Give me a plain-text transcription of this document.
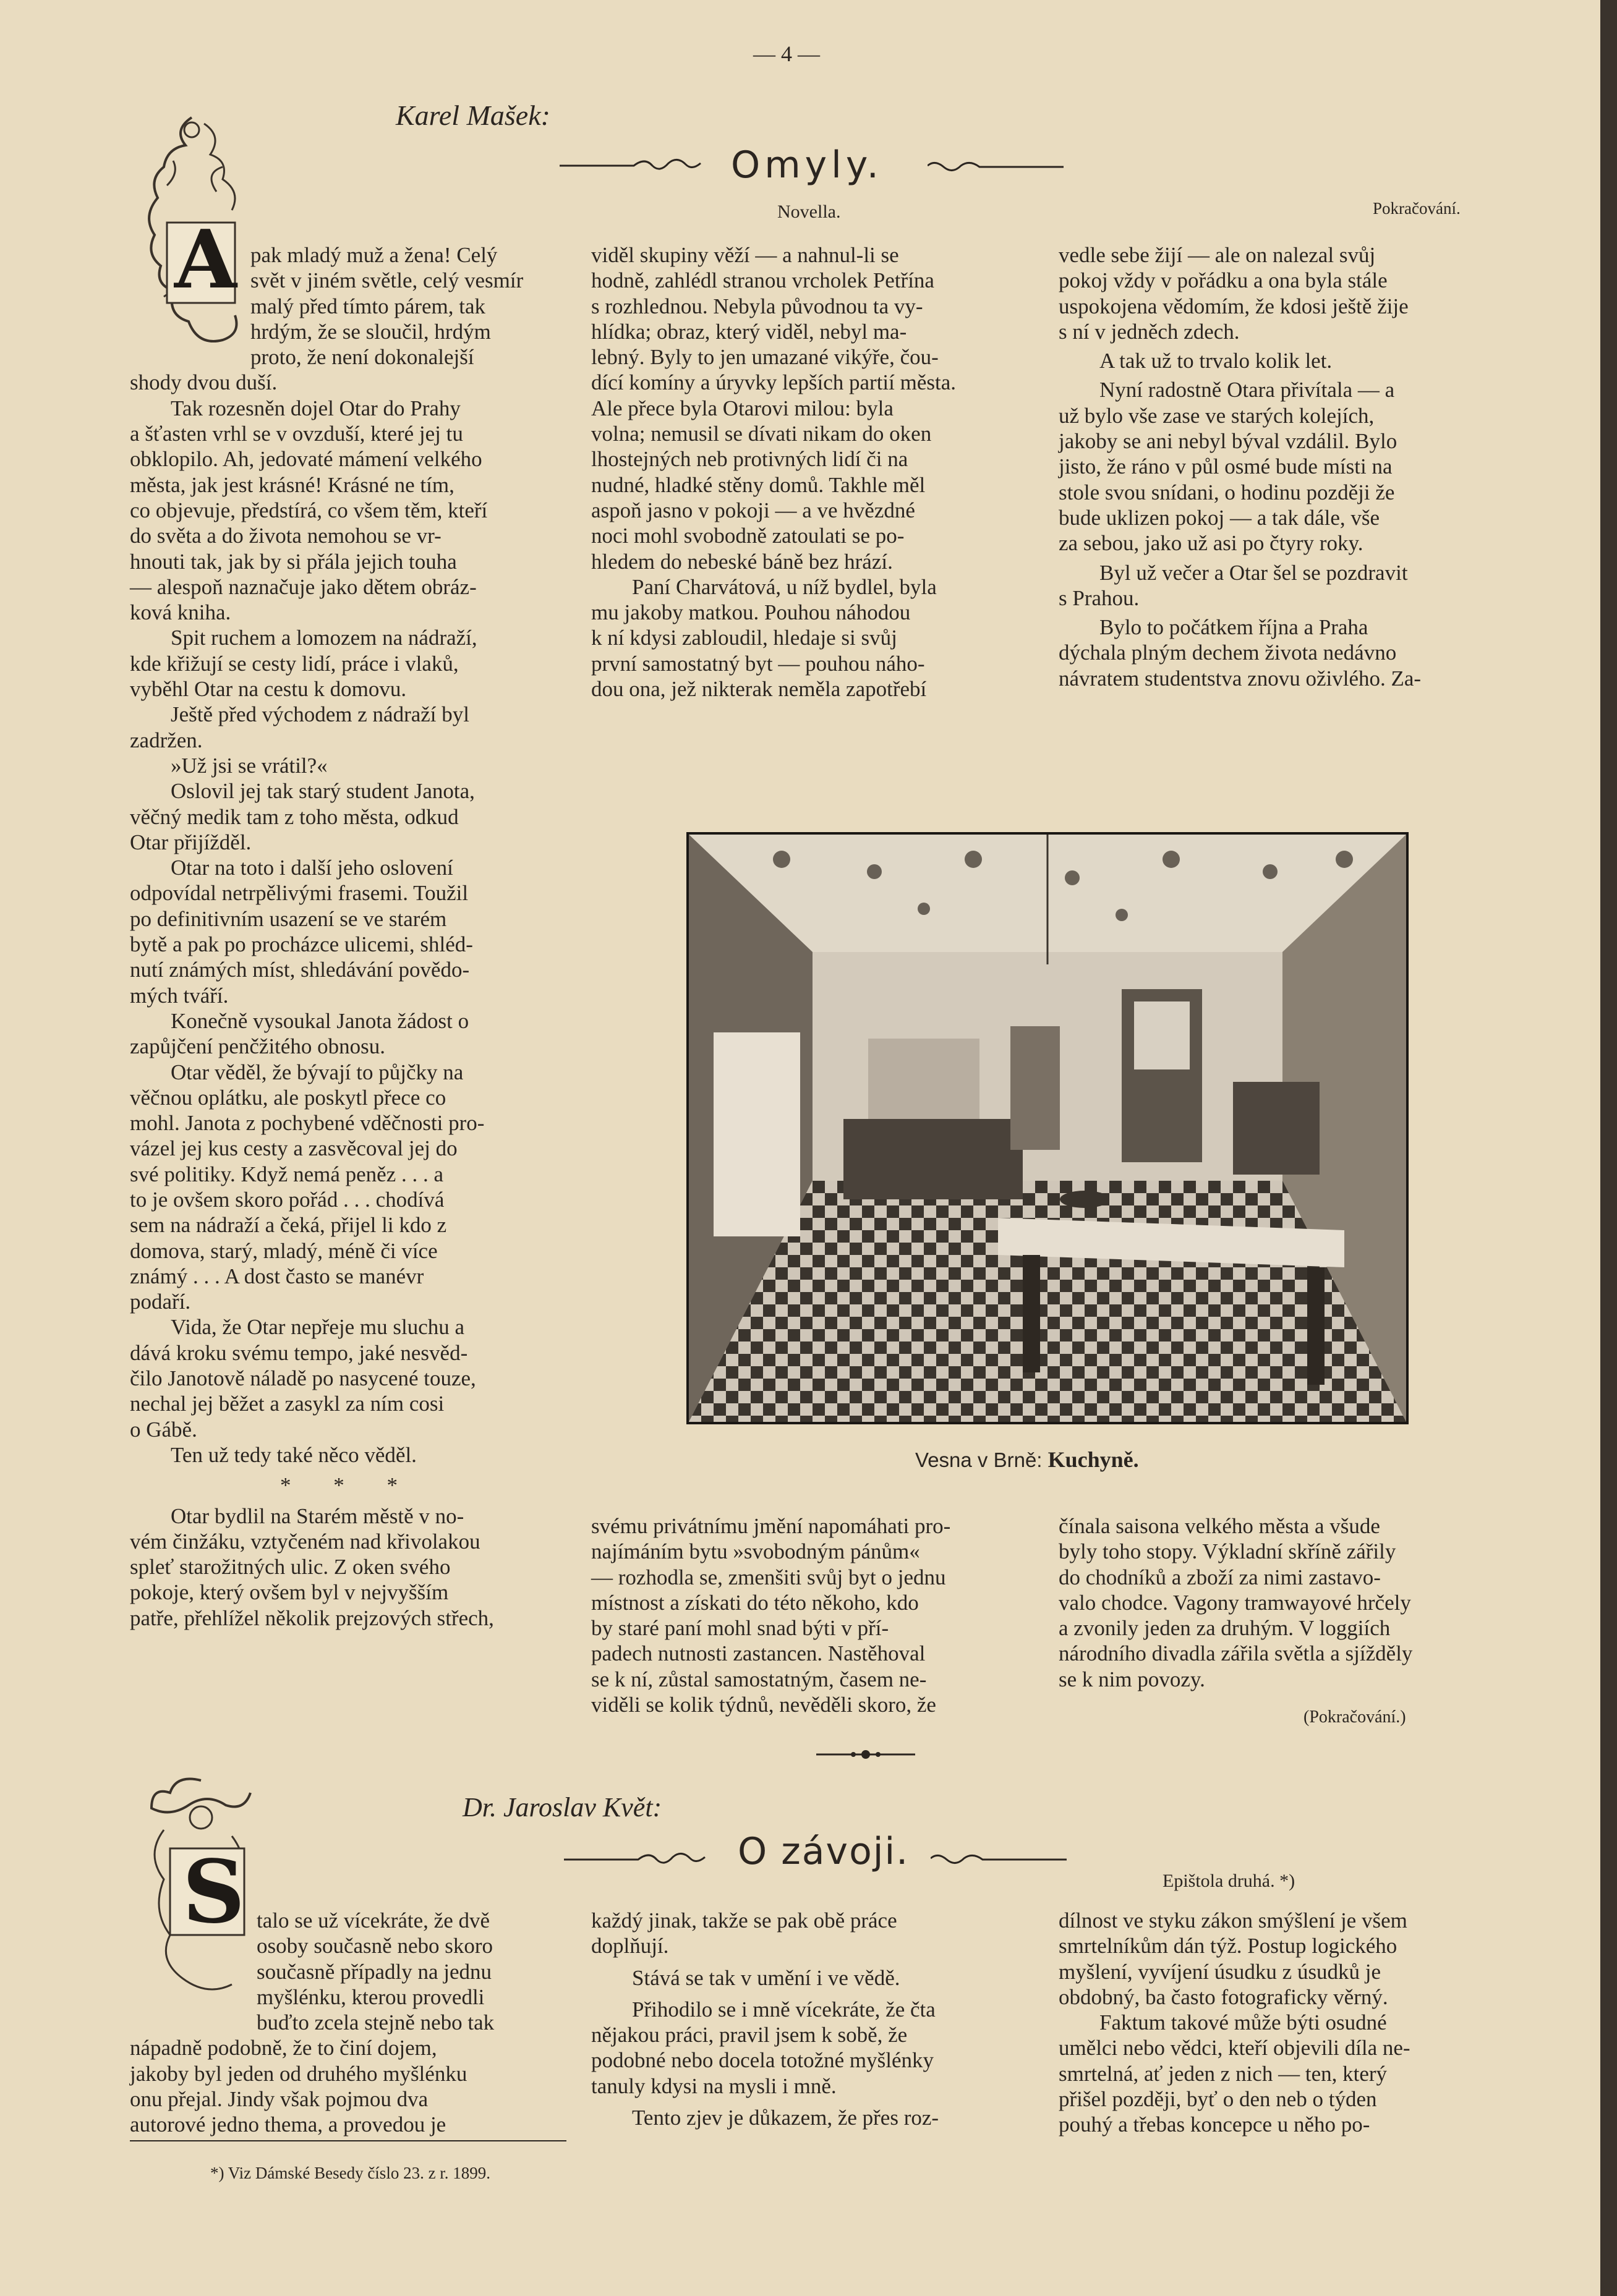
— 4 —
Karel Mašek:
Omyly.
Novella.	Pokračování.
A pak mladý muž a žena! Celý

svět v jiném světle, celý vesmír

malý před tímto párem, tak

hrdým, že se sloučil, hrdým

proto, že není dokonalejší

shody dvou duší.

Tak rozesněn dojel Otar do Prahy

a šťasten vrhl se v ovzduší, které jej tu

obklopilo. Ah, jedovaté mámení velkého

města, jak jest krásné! Krásné ne tím,

co objevuje, předstírá, co všem těm, kteří

do světa a do života nemohou se vr-

hnouti tak, jak by si přála jejich touha

— alespoň naznačuje jako dětem obráz-

ková kniha.

Spit ruchem a lomozem na nádraží,

kde křižují se cesty lidí, práce i vlaků,

vyběhl Otar na cestu k domovu.

Ještě před východem z nádraží byl

zadržen.

»Už jsi se vrátil?«

Oslovil jej tak starý student Janota,

věčný medik tam z toho města, odkud

Otar přijížděl.

Otar na toto i další jeho oslovení

odpovídal netrpělivými frasemi. Toužil

po definitivním usazení se ve starém

bytě a pak po procházce ulicemi, shléd-

nutí známých míst, shledávání povědo-

mých tváří.

Konečně vysoukal Janota žádost o

zapůjčení penčžitého obnosu.

Otar věděl, že bývají to půjčky na

věčnou oplátku, ale poskytl přece co

mohl. Janota z pochybené vděčnosti pro-

vázel jej kus cesty a zasvěcoval jej do

své politiky. Když nemá peněz . . . a

to je ovšem skoro pořád . . . chodívá

sem na nádraží a čeká, přijel li kdo z

domova, starý, mladý, méně či více

známý . . . A dost často se manévr

podaří.

Vida, že Otar nepřeje mu sluchu a

dává kroku svému tempo, jaké nesvěd-

čilo Janotově náladě po nasycené touze,

nechal jej běžet a zasykl za ním cosi

o Gábě.

Ten už tedy také něco věděl.

* * *

Otar bydlil na Starém městě v no-

vém činžáku, vztyčeném nad křivolakou

spleť starožitných ulic. Z oken svého

pokoje, který ovšem byl v nejvyšším

patře, přehlížel několik prejzových střech,

viděl skupiny věží — a nahnul-li se

hodně, zahlédl stranou vrcholek Petřína

s rozhlednou. Nebyla původnou ta vy-

hlídka; obraz, který viděl, nebyl ma-

lebný. Byly to jen umazané vikýře, čou-

dící komíny a úryvky lepších partií města.

Ale přece byla Otarovi milou: byla

volna; nemusil se dívati nikam do oken

lhostejných neb protivných lidí či na

nudné, hladké stěny domů. Takhle měl

aspoň jasno v pokoji — a ve hvězdné

noci mohl svobodně zatoulati se po-

hledem do nebeské báně bez hrází.

Paní Charvátová, u níž bydlel, byla

mu jakoby matkou. Pouhou náhodou

k ní kdysi zabloudil, hledaje si svůj

první samostatný byt — pouhou náho-

dou ona, jež nikterak neměla zapotřebí

vedle sebe žijí — ale on nalezal svůj

pokoj vždy v pořádku a ona byla stále

uspokojena vědomím, že kdosi ještě žije

s ní v jedněch zdech.

A tak už to trvalo kolik let.

Nyní radostně Otara přivítala — a

už bylo vše zase ve starých kolejích,

jakoby se ani nebyl býval vzdálil. Bylo

jisto, že ráno v půl osmé bude místi na

stole svou snídani, o hodinu později že

bude uklizen pokoj — a tak dále, vše

za sebou, jako už asi po čtyry roky.

Byl už večer a Otar šel se pozdravit

s Prahou.

Bylo to počátkem října a Praha

dýchala plným dechem života nedávno

návratem studentstva znovu oživlého. Za-

Vesna v Brně: Kuchyně.

svému privátnímu jmění napomáhati pro-

najímáním bytu »svobodným pánům«

— rozhodla se, zmenšiti svůj byt o jednu

místnost a získati do této někoho, kdo

by staré paní mohl snad býti v pří-

padech nutnosti zastancen. Nastěhoval

se k ní, zůstal samostatným, časem ne-

viděli se kolik týdnů, nevěděli skoro, že

čínala saisona velkého města a všude

byly toho stopy. Výkladní skříně zářily

do chodníků a zboží za nimi zastavo-

valo chodce. Vagony tramwayové hrčely

a zvonily jeden za druhým. V loggiích

národního divadla zářila světla a sjížděly

se k nim povozy.

(Pokračování.)
Dr. Jaroslav Květ:
O závoji.
Epištola druhá. *)
S talo se už vícekráte, že dvě

osoby současně nebo skoro

současně případly na jednu

myšlénku, kterou provedli

buďto zcela stejně nebo tak

nápadně podobně, že to činí dojem,

jakoby byl jeden od druhého myšlénku

onu přejal. Jindy však pojmou dva

autorové jedno thema, a provedou je

*) Viz Dámské Besedy číslo 23. z r. 1899.

každý jinak, takže se pak obě práce

doplňují.

Stává se tak v umění i ve vědě.

Přihodilo se i mně vícekráte, že čta

nějakou práci, pravil jsem k sobě, že

podobné nebo docela totožné myšlénky

tanuly kdysi na mysli i mně.

Tento zjev je důkazem, že přes roz-

dílnost ve styku zákon smýšlení je všem

smrtelníkům dán týž. Postup logického

myšlení, vyvíjení úsudku z úsudků je

obdobný, ba často fotograficky věrný.

Faktum takové může býti osudné

umělci nebo vědci, kteří objevili díla ne-

smrtelná, ať jeden z nich — ten, který

přišel později, byť o den neb o týden

pouhý a třebas koncepce u něho po-
